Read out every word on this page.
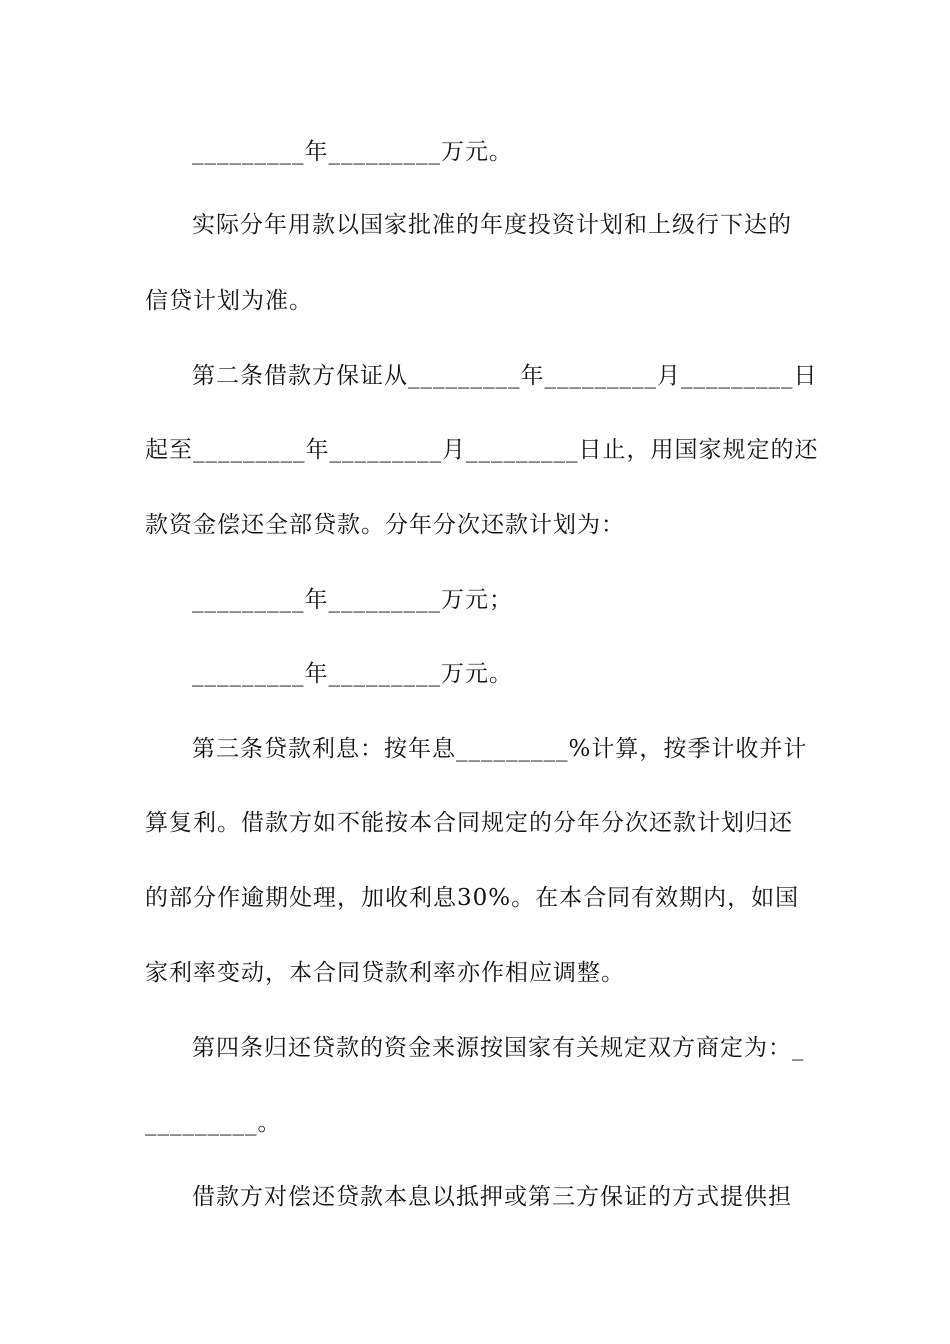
_________年_________万元。
实际分年用款以国家批准的年度投资计划和上级行下达的
信贷计划为准。
第二条借款方保证从_________年_________月_________日
起至_________年_________月_________日止，用国家规定的还
款资金偿还全部贷款。分年分次还款计划为：
_________年_________万元；
_________年_________万元。
第三条贷款利息：按年息_________%计算，按季计收并计
算复利。借款方如不能按本合同规定的分年分次还款计划归还
的部分作逾期处理，加收利息30%。在本合同有效期内，如国
家利率变动，本合同贷款利率亦作相应调整。
第四条归还贷款的资金来源按国家有关规定双方商定为：_
_________。
借款方对偿还贷款本息以抵押或第三方保证的方式提供担
